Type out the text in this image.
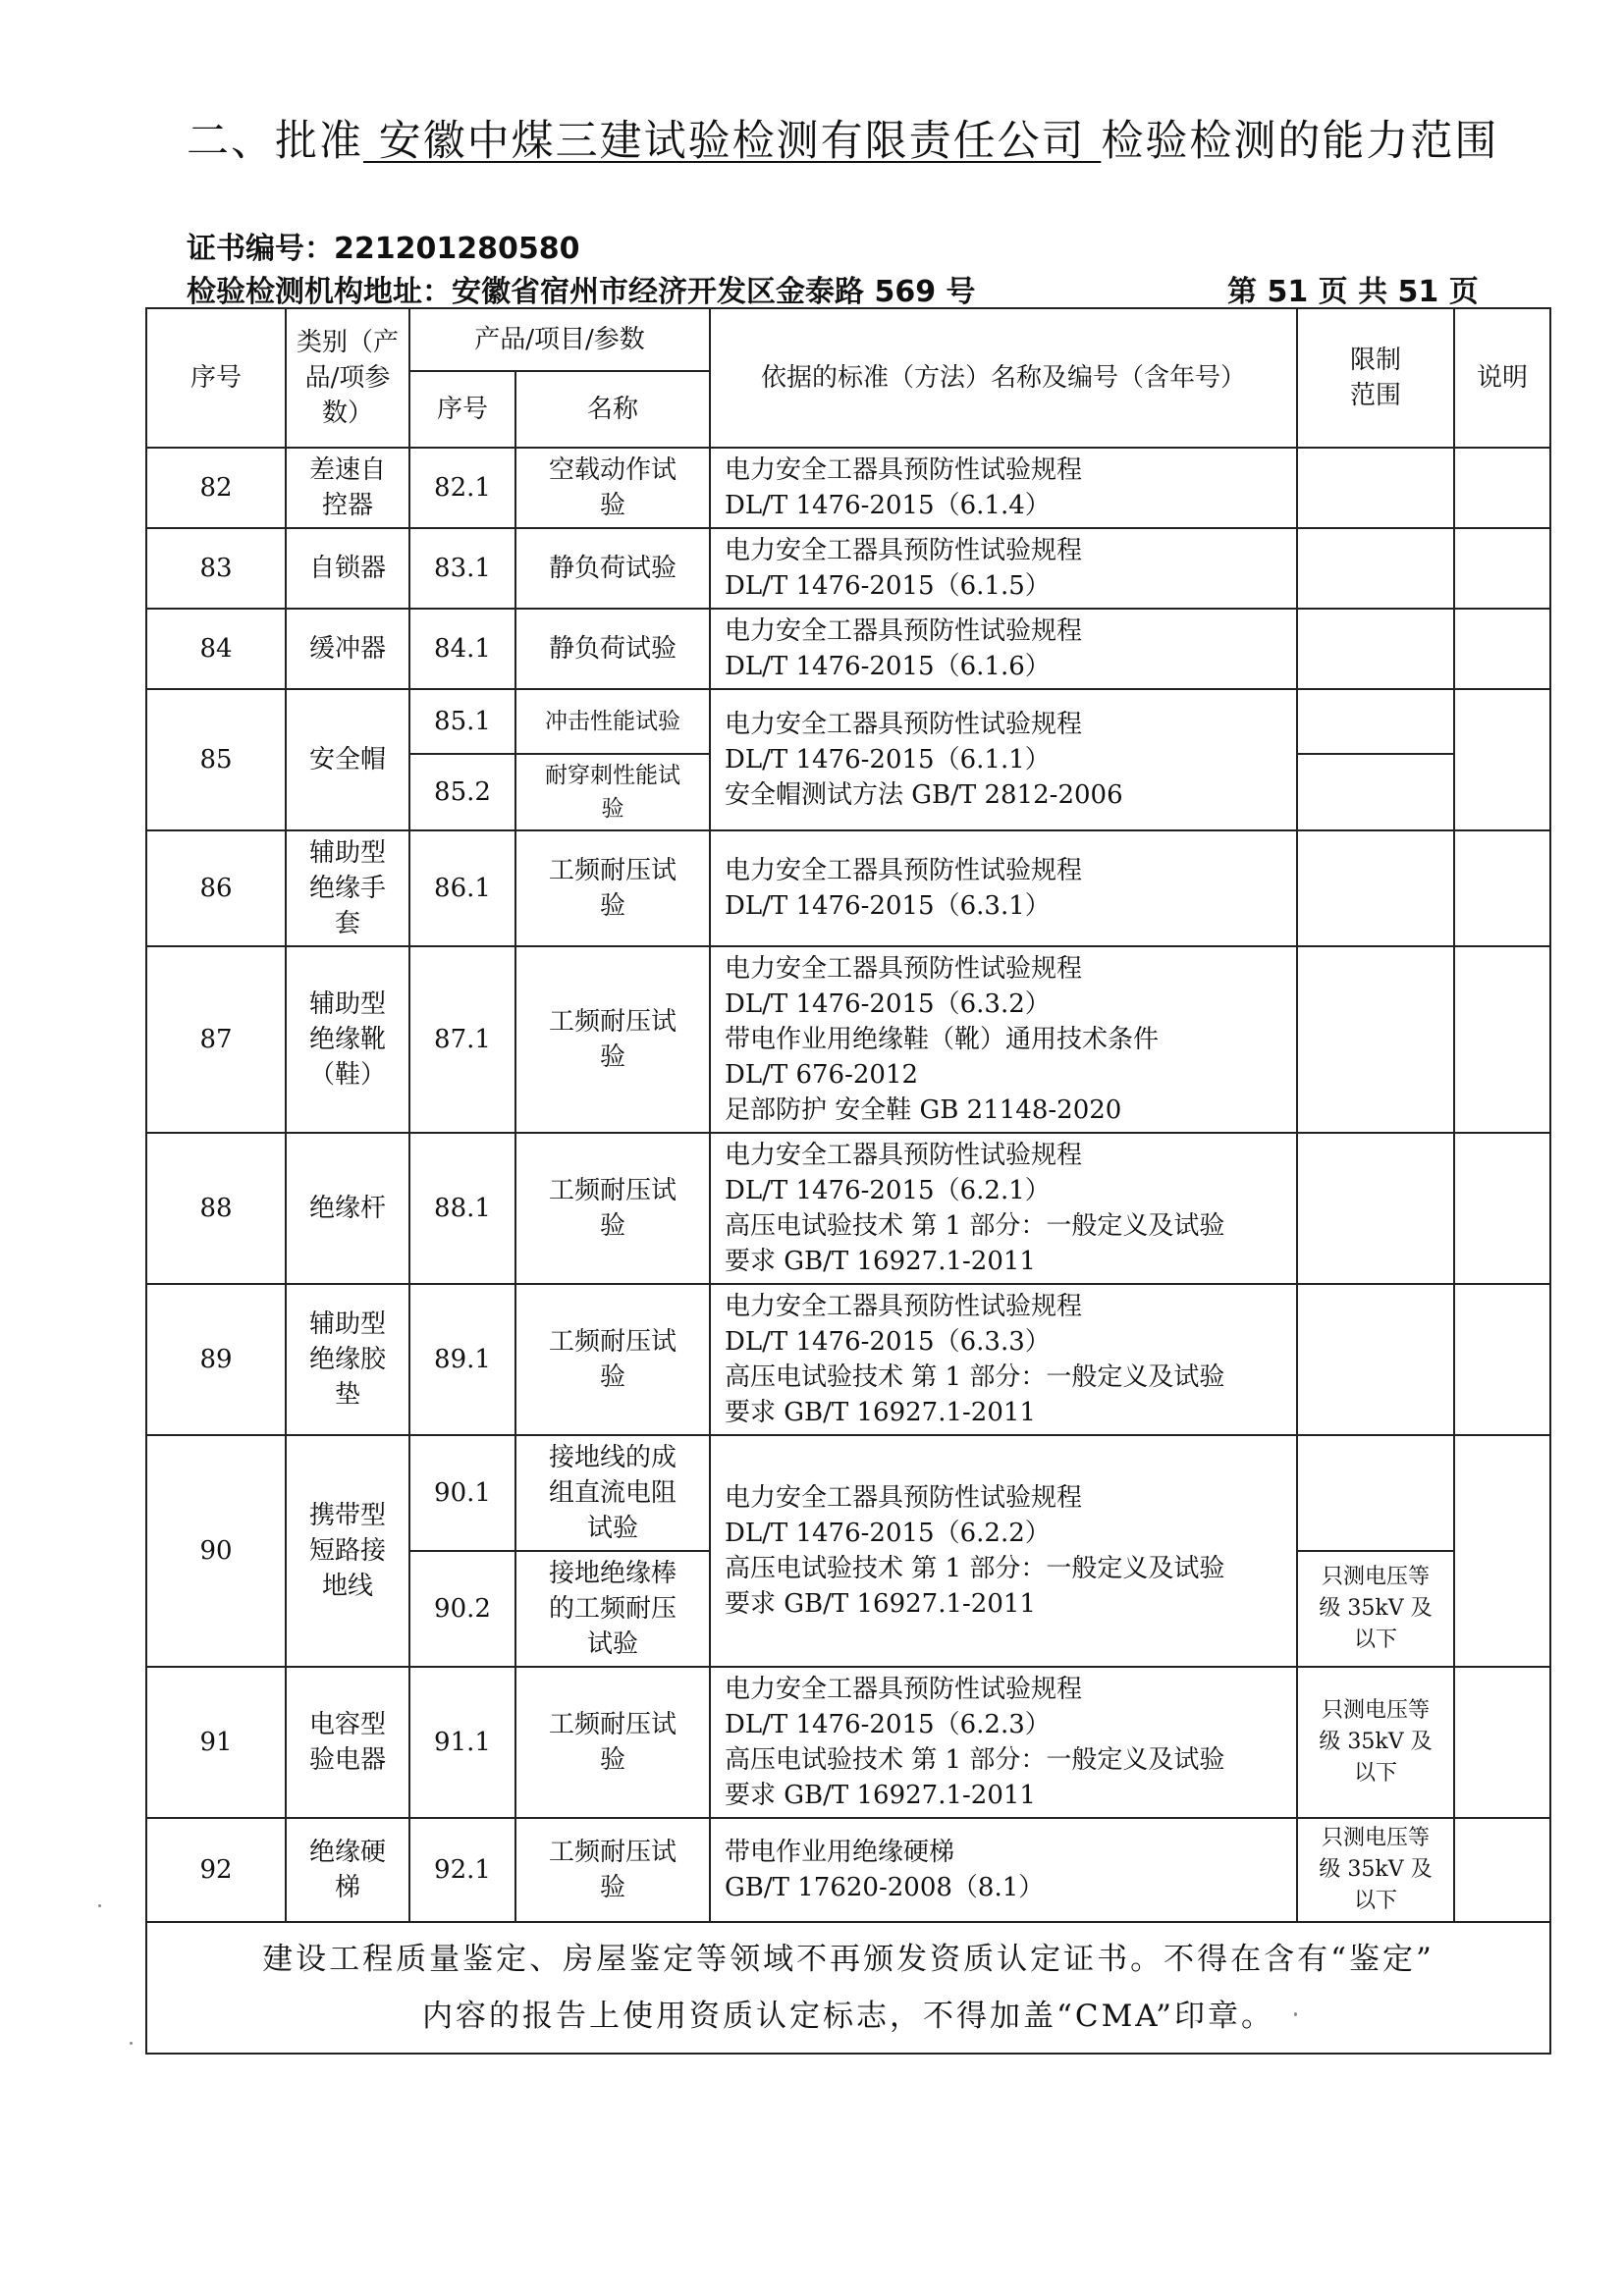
二、批准 安徽中煤三建试验检测有限责任公司 检验检测的能力范围
证书编号：221201280580
检验检测机构地址：安徽省宿州市经济开发区金泰路 569 号	第 51 页 共 51 页
序号	类别（产
品/项参
数）	产品/项目/参数		依据的标准（方法）名称及编号（含年号）	限制
范围	说明
		序号	名称			
82	差速自
控器	82.1	空载动作试
验	电力安全工器具预防性试验规程
DL/T 1476-2015（6.1.4）		

83	自锁器	83.1	静负荷试验	电力安全工器具预防性试验规程
DL/T 1476-2015（6.1.5）		

84	缓冲器	84.1	静负荷试验	电力安全工器具预防性试验规程
DL/T 1476-2015（6.1.6）		

85	安全帽	85.1	冲击性能试验	电力安全工器具预防性试验规程
DL/T 1476-2015（6.1.1）
安全帽测试方法 GB/T 2812-2006		

		85.2	耐穿刺性能试
验			

86	辅助型
绝缘手
套	86.1	工频耐压试
验	电力安全工器具预防性试验规程
DL/T 1476-2015（6.3.1）		

87	辅助型
绝缘靴
（鞋）	87.1	工频耐压试
验	电力安全工器具预防性试验规程
DL/T 1476-2015（6.3.2）
带电作业用绝缘鞋（靴）通用技术条件
DL/T 676-2012
足部防护 安全鞋 GB 21148-2020		

88	绝缘杆	88.1	工频耐压试
验	电力安全工器具预防性试验规程
DL/T 1476-2015（6.2.1）
高压电试验技术 第 1 部分：一般定义及试验
要求 GB/T 16927.1-2011		

89	辅助型
绝缘胶
垫	89.1	工频耐压试
验	电力安全工器具预防性试验规程
DL/T 1476-2015（6.3.3）
高压电试验技术 第 1 部分：一般定义及试验
要求 GB/T 16927.1-2011		

90	携带型
短路接
地线	90.1	接地线的成
组直流电阻
试验	电力安全工器具预防性试验规程
DL/T 1476-2015（6.2.2）
高压电试验技术 第 1 部分：一般定义及试验
要求 GB/T 16927.1-2011		

		90.2	接地绝缘棒
的工频耐压
试验		只测电压等
级 35kV 及
以下	

91	电容型
验电器	91.1	工频耐压试
验	电力安全工器具预防性试验规程
DL/T 1476-2015（6.2.3）
高压电试验技术 第 1 部分：一般定义及试验
要求 GB/T 16927.1-2011	只测电压等
级 35kV 及
以下	

92	绝缘硬
梯	92.1	工频耐压试
验	带电作业用绝缘硬梯
GB/T 17620-2008（8.1）	只测电压等
级 35kV 及
以下	

建设工程质量鉴定、房屋鉴定等领域不再颁发资质认定证书。不得在含有“鉴定”
内容的报告上使用资质认定标志，不得加盖“CMA”印章。						
